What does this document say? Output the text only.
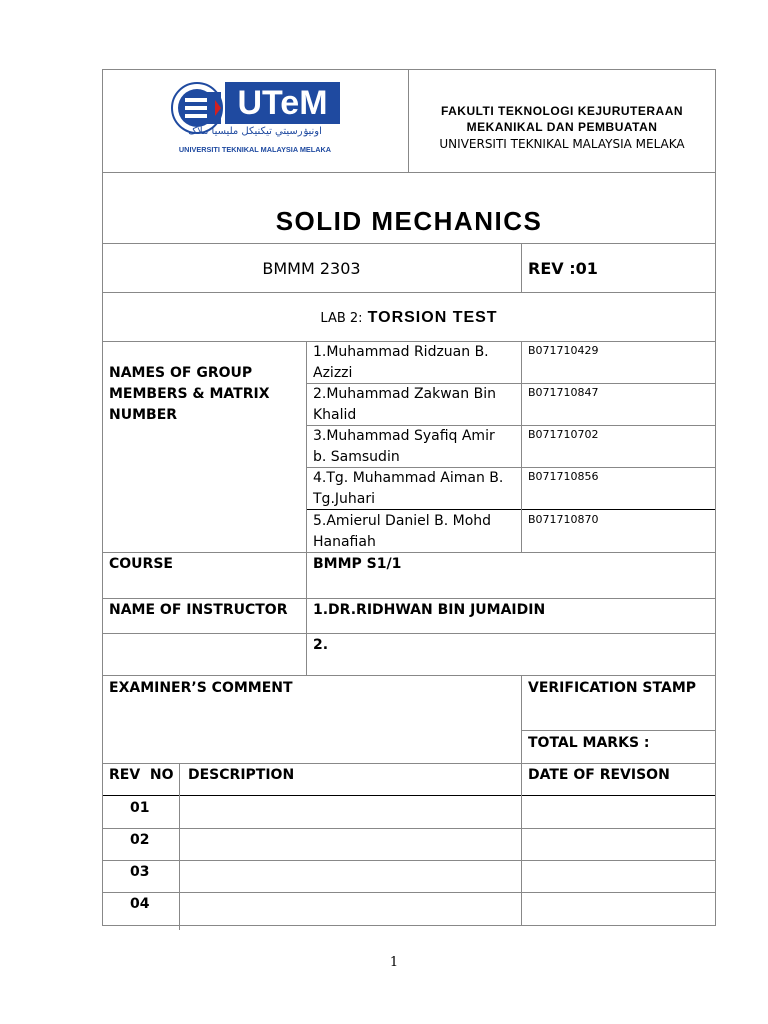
UTeM
اونيۏرسيتي تيکنيکل مليسيا ملاک
UNIVERSITI TEKNIKAL MALAYSIA MELAKA
FAKULTI TEKNOLOGI KEJURUTERAAN
MEKANIKAL DAN PEMBUATAN
UNIVERSITI TEKNIKAL MALAYSIA MELAKA
SOLID MECHANICS
BMMM 2303	REV :01
LAB 2: TORSION TEST
NAMES OF GROUP
MEMBERS & MATRIX
NUMBER
1.Muhammad Ridzuan B.
Azizzi
B071710429
2.Muhammad Zakwan Bin
Khalid
B071710847
3.Muhammad Syafiq Amir
b. Samsudin
B071710702
4.Tg. Muhammad Aiman B.
Tg.Juhari
B071710856
5.Amierul Daniel B. Mohd
Hanafiah
B071710870
COURSE	BMMP S1/1
NAME OF INSTRUCTOR 1.DR.RIDHWAN BIN JUMAIDIN
2.
EXAMINER’S COMMENT	VERIFICATION STAMP
TOTAL MARKS :
REV  NO DESCRIPTION	DATE OF REVISON
01
02
03
04
1
